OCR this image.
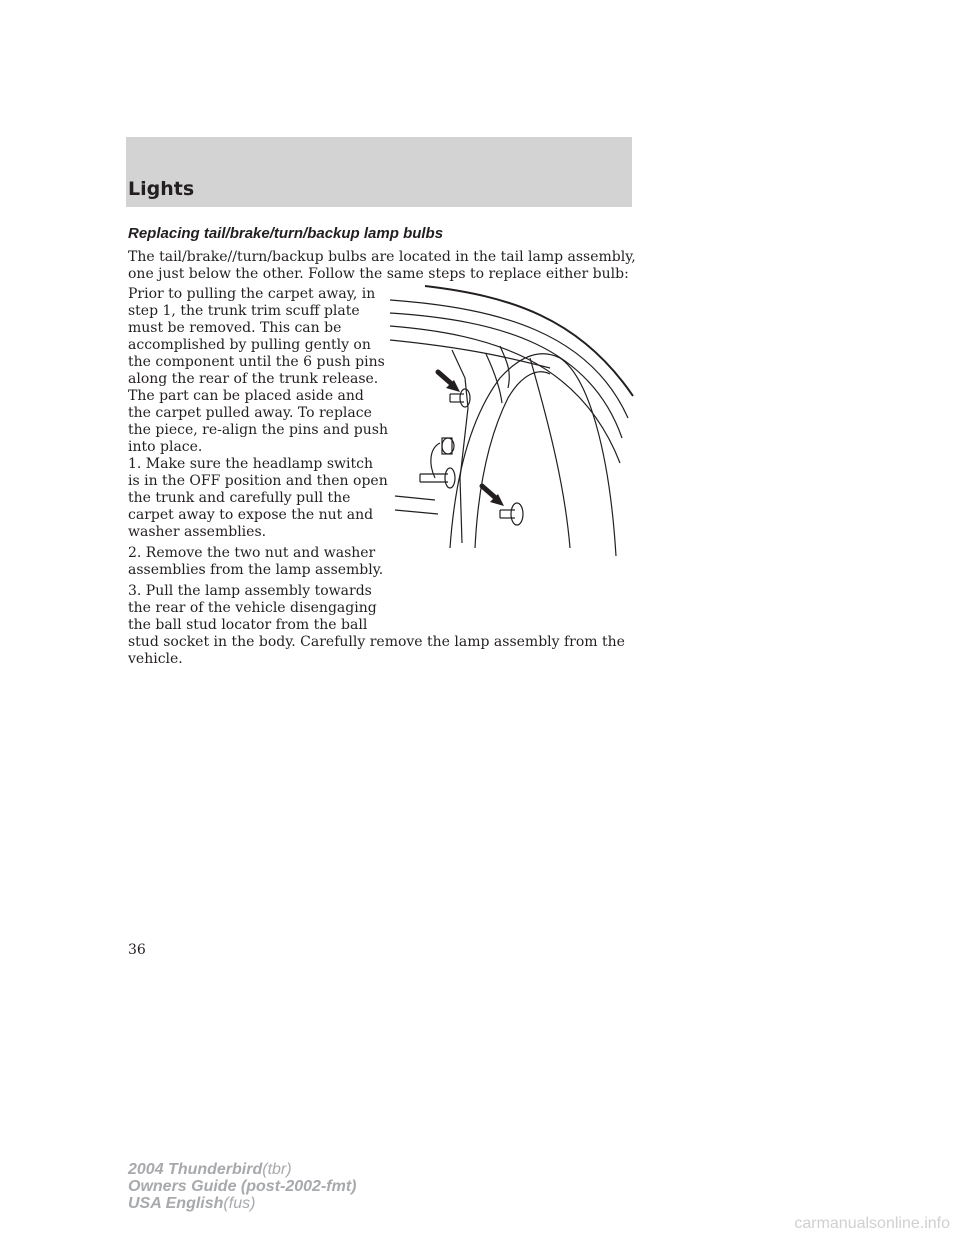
Lights
Replacing tail/brake/turn/backup lamp bulbs

The tail/brake//turn/backup bulbs are located in the tail lamp assembly, one just below the other. Follow the same steps to replace either bulb:

Prior to pulling the carpet away, in step 1, the trunk trim scuff plate must be removed. This can be accomplished by pulling gently on the component until the 6 push pins along the rear of the trunk release. The part can be placed aside and the carpet pulled away. To replace the piece, re-align the pins and push into place.

1. Make sure the headlamp switch is in the OFF position and then open the trunk and carefully pull the carpet away to expose the nut and washer assemblies.

2. Remove the two nut and washer assemblies from the lamp assembly.

3. Pull the lamp assembly towards the rear of the vehicle disengaging the ball stud locator from the ball

stud socket in the body. Carefully remove the lamp assembly from the vehicle.

36
2004 Thunderbird(tbr)
Owners Guide (post-2002-fmt)
USA English(fus)
carmanualsonline.info
